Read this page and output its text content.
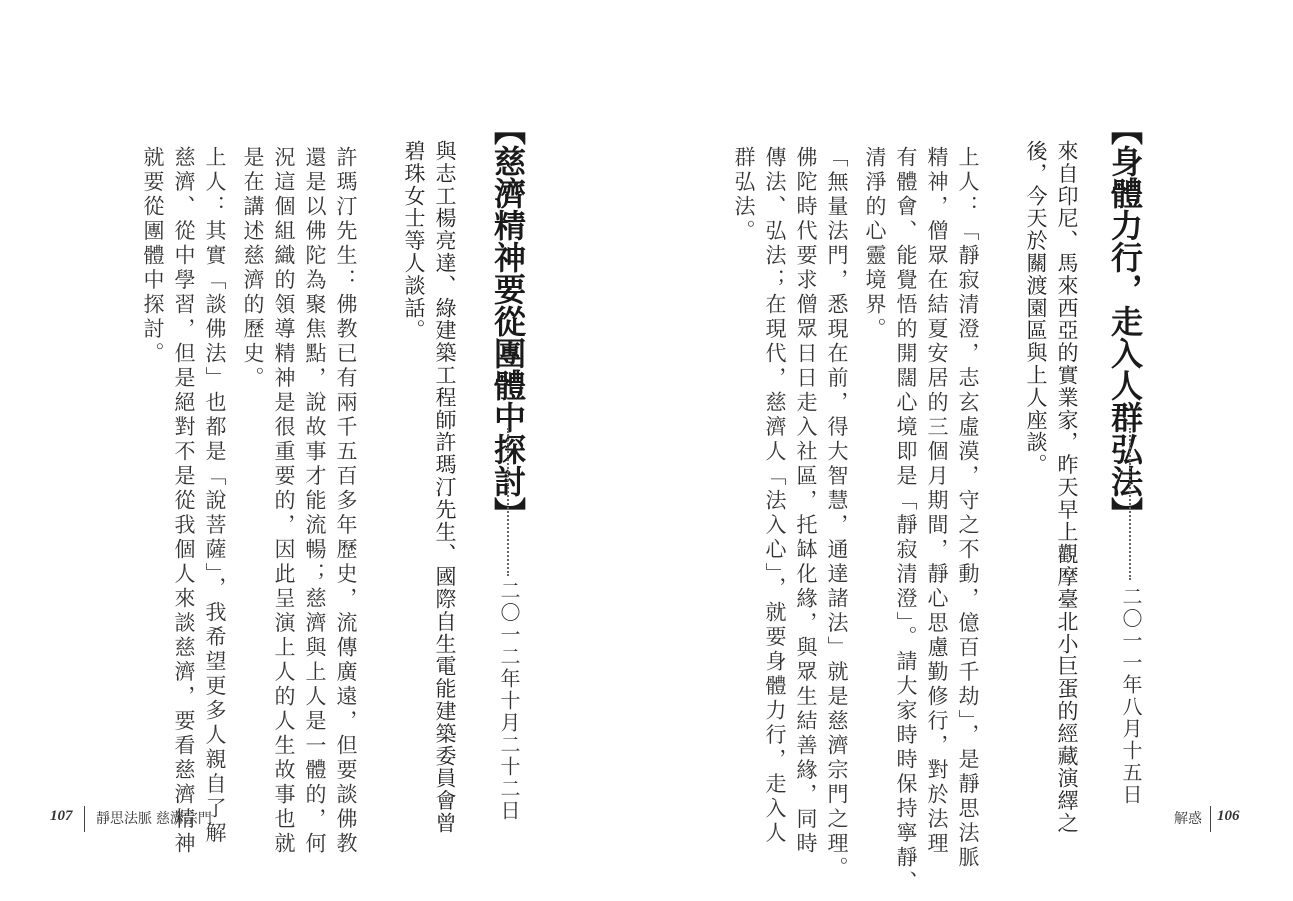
【身體力行，走入人群弘法】
二〇一一年八月十五日

來自印尼、馬來西亞的實業家，昨天早上觀摩臺北小巨蛋的經藏演繹之

後，今天於關渡園區與上人座談。

上人：「靜寂清澄，志玄虛漠，守之不動，億百千劫」，是靜思法脈

精神，僧眾在結夏安居的三個月期間，靜心思慮勤修行，對於法理

有體會、能覺悟的開闊心境即是「靜寂清澄」。請大家時時保持寧靜、

清淨的心靈境界。

「無量法門，悉現在前，得大智慧，通達諸法」就是慈濟宗門之理。

佛陀時代要求僧眾日日走入社區，托缽化緣，與眾生結善緣，同時

傳法、弘法；在現代，慈濟人「法入心」，就要身體力行，走入人

群弘法。

解惑 106
【慈濟精神要從團體中探討】
二〇一二年十月二十二日

與志工楊亮達、綠建築工程師許瑪汀先生、國際自生電能建築委員會曾

碧珠女士等人談話。

許瑪汀先生：佛教已有兩千五百多年歷史，流傳廣遠，但要談佛教

還是以佛陀為聚焦點，說故事才能流暢；慈濟與上人是一體的，何

況這個組織的領導精神是很重要的，因此呈演上人的人生故事也就

是在講述慈濟的歷史。

上人：其實「談佛法」也都是「說菩薩」，我希望更多人親自了解

慈濟、從中學習，但是絕對不是從我個人來談慈濟，要看慈濟精神

就要從團體中探討。

107 靜思法脈 慈濟宗門
